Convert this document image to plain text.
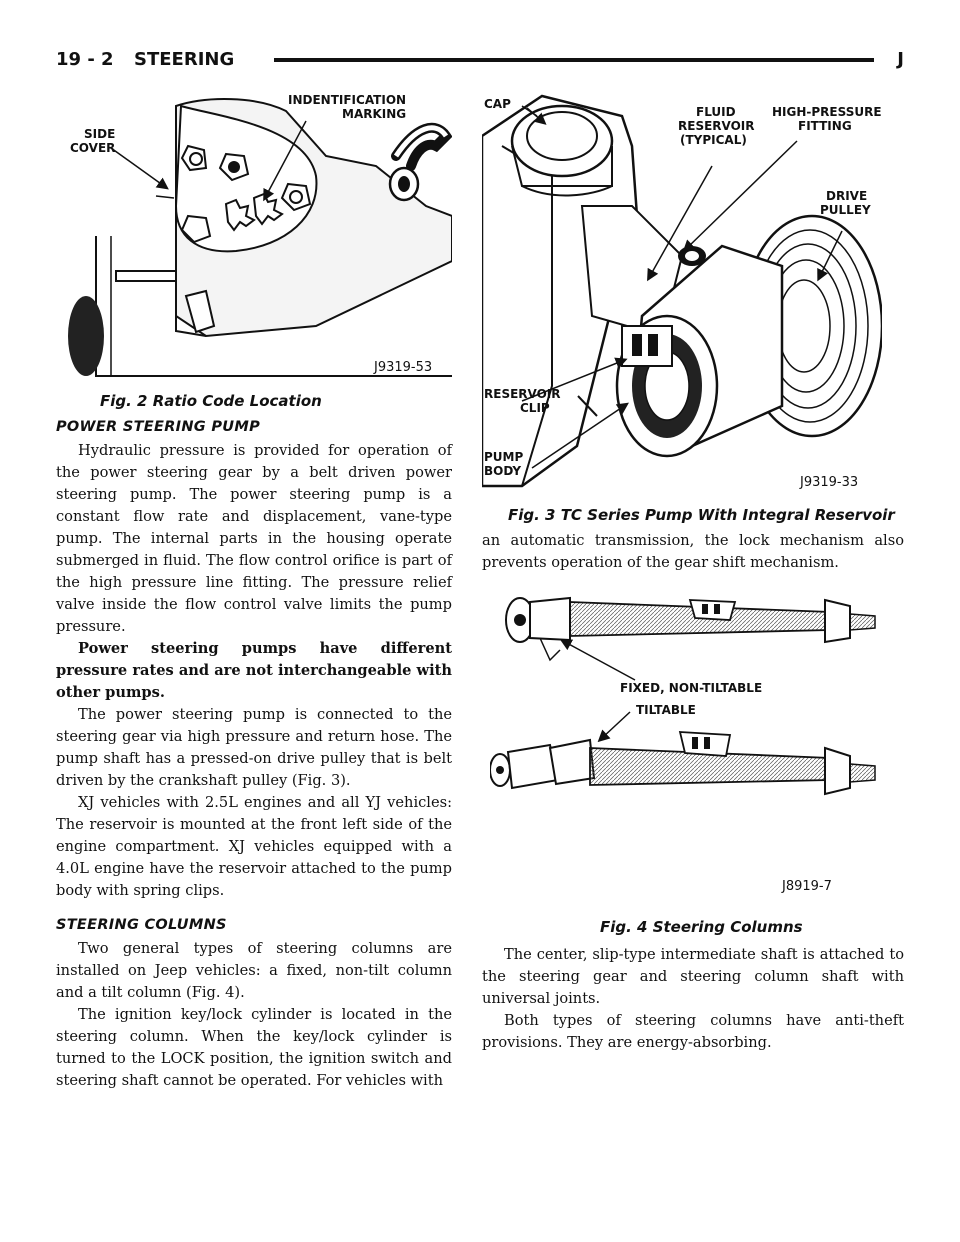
19 - 2 STEERING	J
SIDE COVER
INDENTIFICATION MARKING
J9319-53
Fig. 2 Ratio Code Location
CAP
FLUID RESERVOIR (TYPICAL)
HIGH-PRESSURE FITTING
DRIVE PULLEY
RESERVOIR CLIP
PUMP BODY
J9319-33
Fig. 3 TC Series Pump With Integral Reservoir
POWER STEERING PUMP

Hydraulic pressure is provided for operation of the power steering gear by a belt driven power steering pump. The power steering pump is a constant flow rate and displacement, vane-type pump. The internal parts in the housing operate submerged in fluid. The flow control orifice is part of the high pressure line fitting. The pressure relief valve inside the flow control valve limits the pump pressure.

Power steering pumps have different pressure rates and are not interchangeable with other pumps.

The power steering pump is connected to the steering gear via high pressure and return hose. The pump shaft has a pressed-on drive pulley that is belt driven by the crankshaft pulley (Fig. 3).

XJ vehicles with 2.5L engines and all YJ vehicles: The reservoir is mounted at the front left side of the engine compartment. XJ vehicles equipped with a 4.0L engine have the reservoir attached to the pump body with spring clips.

STEERING COLUMNS

Two general types of steering columns are installed on Jeep vehicles: a fixed, non-tilt column and a tilt column (Fig. 4).

The ignition key/lock cylinder is located in the steering column. When the key/lock cylinder is turned to the LOCK position, the ignition switch and steering shaft cannot be operated. For vehicles with

an automatic transmission, the lock mechanism also prevents operation of the gear shift mechanism.

FIXED, NON-TILTABLE
TILTABLE
J8919-7
Fig. 4 Steering Columns

The center, slip-type intermediate shaft is attached to the steering gear and steering column shaft with universal joints.

Both types of steering columns have anti-theft provisions. They are energy-absorbing.
